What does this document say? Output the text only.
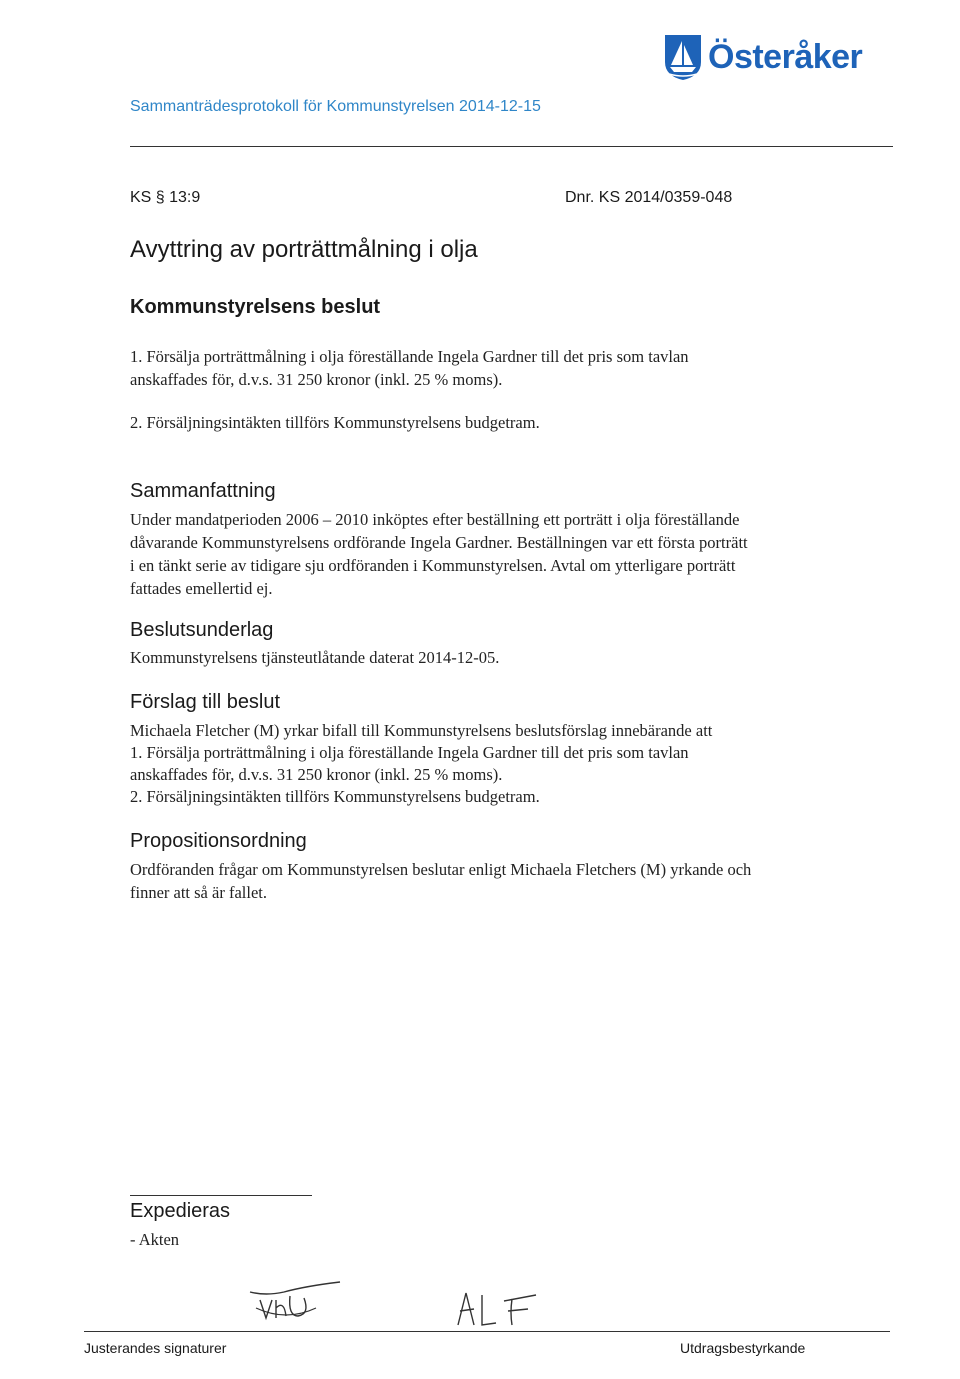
Österåker

Sammanträdesprotokoll för Kommunstyrelsen 2014-12-15

KS § 13:9	Dnr. KS 2014/0359-048

Avyttring av porträttmålning i olja
Kommunstyrelsens beslut

1. Försälja porträttmålning i olja föreställande Ingela Gardner till det pris som tavlan

anskaffades för, d.v.s. 31 250 kronor (inkl. 25 % moms).

2. Försäljningsintäkten tillförs Kommunstyrelsens budgetram.

Sammanfattning

Under mandatperioden 2006 – 2010 inköptes efter beställning ett porträtt i olja föreställande

dåvarande Kommunstyrelsens ordförande Ingela Gardner. Beställningen var ett första porträtt

i en tänkt serie av tidigare sju ordföranden i Kommunstyrelsen. Avtal om ytterligare porträtt

fattades emellertid ej.

Beslutsunderlag

Kommunstyrelsens tjänsteutlåtande daterat 2014-12-05.

Förslag till beslut

Michaela Fletcher (M) yrkar bifall till Kommunstyrelsens beslutsförslag innebärande att

1. Försälja porträttmålning i olja föreställande Ingela Gardner till det pris som tavlan

anskaffades för, d.v.s. 31 250 kronor (inkl. 25 % moms).

2. Försäljningsintäkten tillförs Kommunstyrelsens budgetram.

Propositionsordning

Ordföranden frågar om Kommunstyrelsen beslutar enligt Michaela Fletchers (M) yrkande och

finner att så är fallet.

Expedieras

- Akten

Justerandes signaturer	Utdragsbestyrkande
